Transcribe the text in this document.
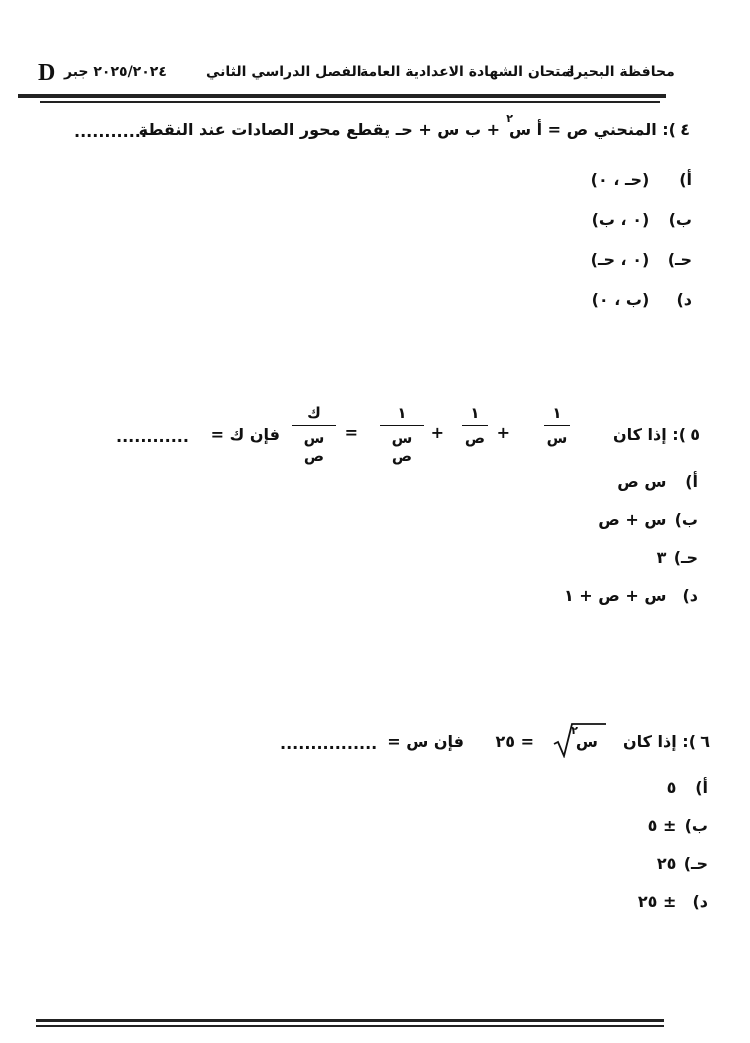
D ٢٠٢٥/٢٠٢٤ جبر	الفصل الدراسي الثاني
امتحان الشهادة الاعدادية العامة
محافظة البحيرة
٤
): المنحني ص = أ س
٢
+ ب س + حـ يقطع محور الصادات عند النقطة
............
أ)   (حـ ، ٠)
ب)   (٠ ، ب)
حـ)   (٠ ، حـ)
د)   (ب ، ٠)
٥
): إذا كان
١
س
+
١
ص
+
١
س ص
=
ك
س ص
فإن ك =
............
أ) س ص
ب) س + ص
حـ) ٣
د) س + ص + ١
٦
): إذا كان
س
٢
= ٢٥
فإن س =
................
أ) ٥
ب) ± ٥
حـ) ٢٥
د) ± ٢٥
